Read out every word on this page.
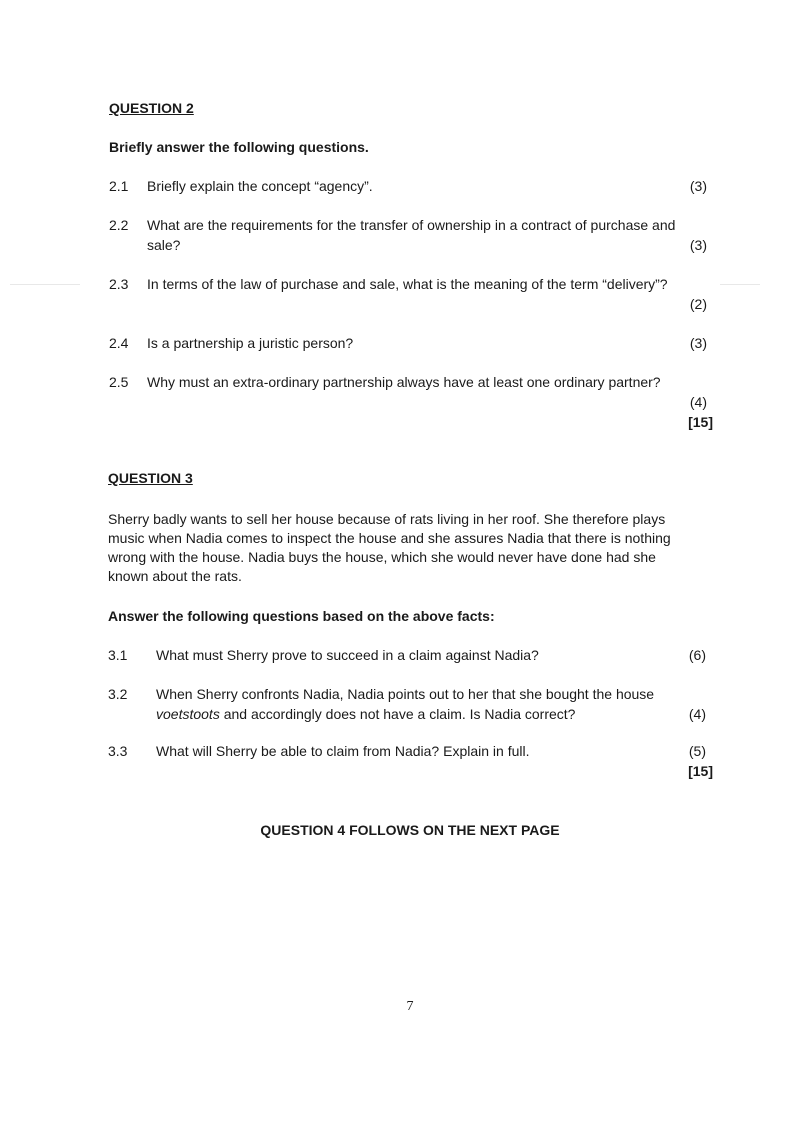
QUESTION 2
Briefly answer the following questions.
2.1 Briefly explain the concept “agency”.	(3)
2.2 What are the requirements for the transfer of ownership in a contract of purchase and
sale?	(3)
2.3 In terms of the law of purchase and sale, what is the meaning of the term “delivery”?
(2)
2.4 Is a partnership a juristic person?	(3)
2.5 Why must an extra-ordinary partnership always have at least one ordinary partner?
(4)
[15]
QUESTION 3
Sherry badly wants to sell her house because of rats living in her roof. She therefore plays
music when Nadia comes to inspect the house and she assures Nadia that there is nothing
wrong with the house. Nadia buys the house, which she would never have done had she
known about the rats.
Answer the following questions based on the above facts:
3.1 What must Sherry prove to succeed in a claim against Nadia?	(6)
3.2 When Sherry confronts Nadia, Nadia points out to her that she bought the house
voetstoots and accordingly does not have a claim. Is Nadia correct?	(4)
3.3 What will Sherry be able to claim from Nadia? Explain in full.	(5)
[15]
QUESTION 4 FOLLOWS ON THE NEXT PAGE
7
